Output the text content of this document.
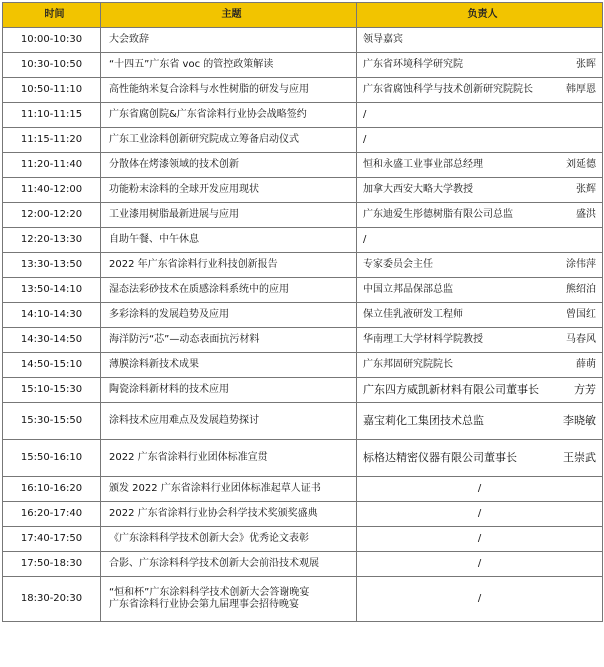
时间	主题	负责人
10:00-10:30	大会致辞	领导嘉宾
10:30-10:50	“十四五”广东省 voc 的管控政策解读	广东省环境科学研究院 张晖

10:50-11:10	高性能纳米复合涂料与水性树脂的研发与应用	广东省腐蚀科学与技术创新研究院院长 韩厚恩

11:10-11:15	广东省腐创院&广东省涂料行业协会战略签约	/
11:15-11:20	广东工业涂料创新研究院成立筹备启动仪式	/
11:20-11:40	分散体在烤漆领域的技术创新	恒和永盛工业事业部总经理 刘延德

11:40-12:00	功能粉末涂料的全球开发应用现状	加拿大西安大略大学教授 张辉

12:00-12:20	工业漆用树脂最新进展与应用	广东迪爱生彤德树脂有限公司总监 盛洪

12:20-13:30	自助午餐、中午休息	/
13:30-13:50	2022 年广东省涂料行业科技创新报告	专家委员会主任 涂伟萍

13:50-14:10	湿态法彩砂技术在质感涂料系统中的应用	中国立邦品保部总监 熊绍泊

14:10-14:30	多彩涂料的发展趋势及应用	保立佳乳液研发工程师 曾国红

14:30-14:50	海洋防污“芯”—动态表面抗污材料	华南理工大学材料学院教授 马春风

14:50-15:10	薄膜涂料新技术成果	广东邦固研究院院长 薛萌

15:10-15:30	陶瓷涂料新材料的技术应用	广东四方威凯新材料有限公司董事长 方芳

15:30-15:50	涂料技术应用难点及发展趋势探讨	嘉宝莉化工集团技术总监 李晓敏

15:50-16:10	2022 广东省涂料行业团体标准宣贯	标格达精密仪器有限公司董事长 王崇武

16:10-16:20	颁发 2022 广东省涂料行业团体标准起草人证书	/
16:20-17:40	2022 广东省涂料行业协会科学技术奖颁奖盛典	/
17:40-17:50	《广东涂料科学技术创新大会》优秀论文表彰	/
17:50-18:30	合影、广东涂料科学技术创新大会前沿技术观展	/
18:30-20:30	“恒和杯”广东涂料科学技术创新大会答谢晚宴
广东省涂料行业协会第九届理事会招待晚宴	/
